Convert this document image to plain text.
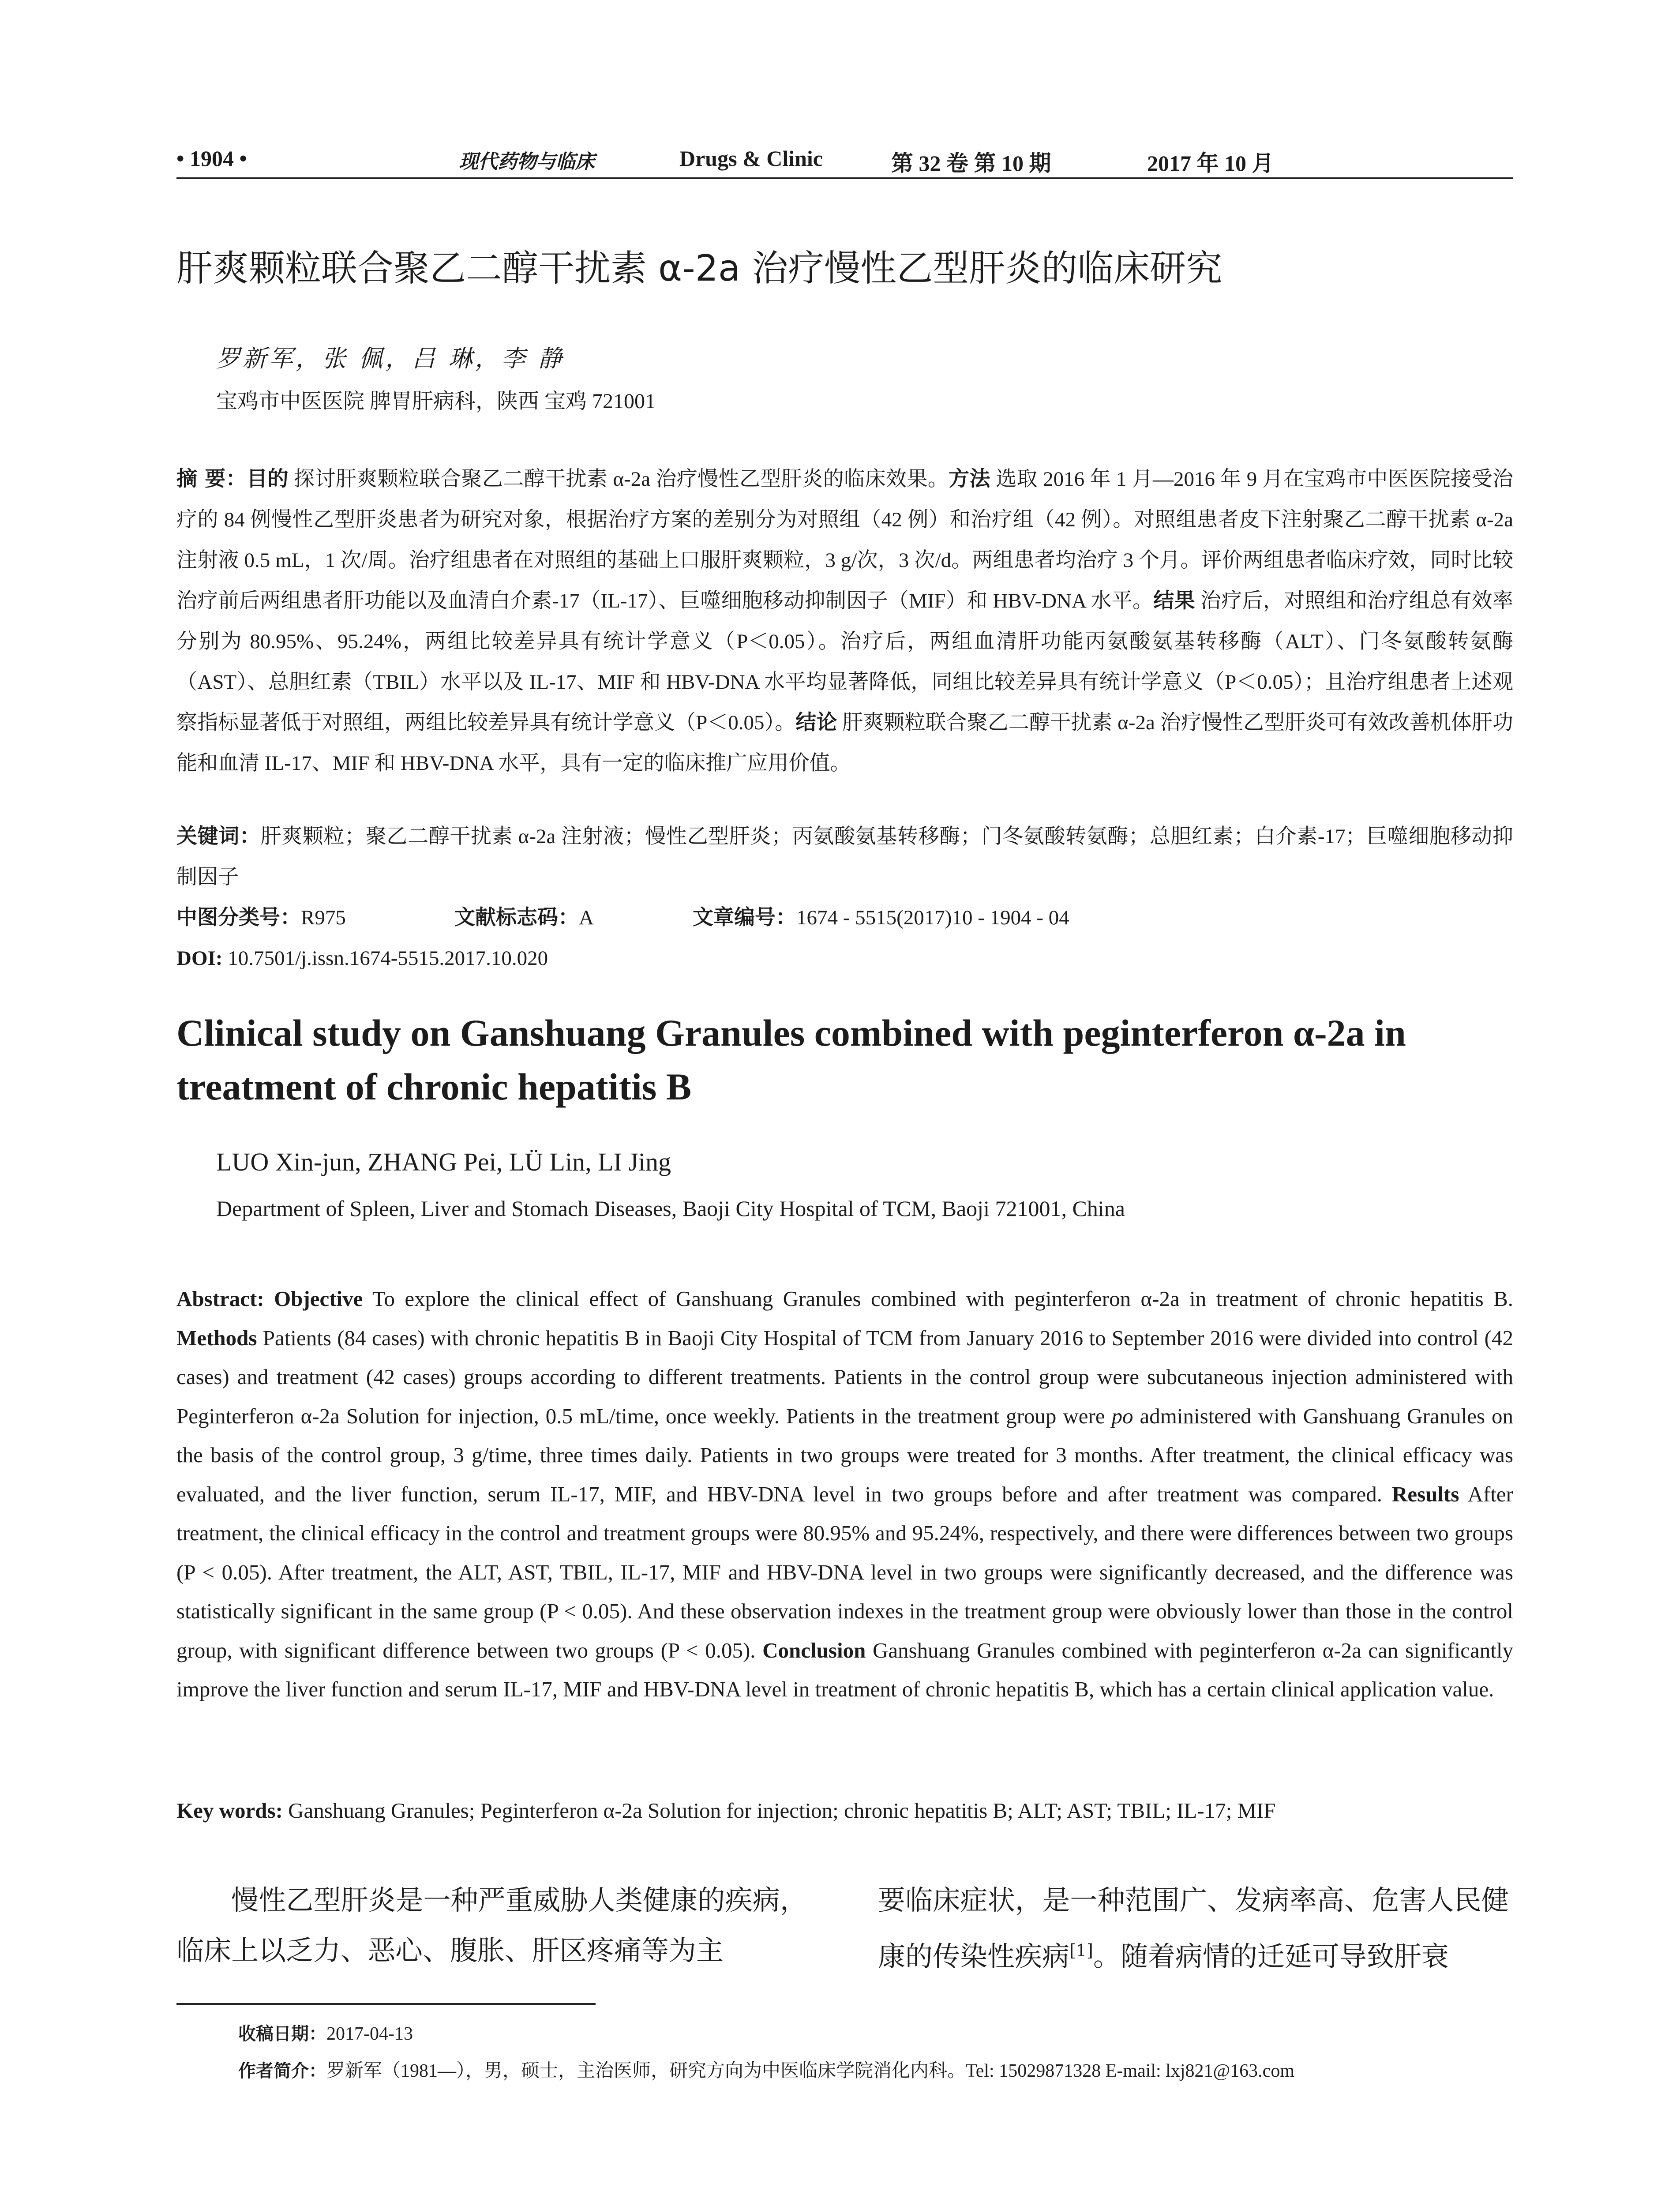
• 1904 •	现代药物与临床	Drugs & Clinic	第 32 卷 第 10 期	2017 年 10 月
肝爽颗粒联合聚乙二醇干扰素 α-2a 治疗慢性乙型肝炎的临床研究
罗新军，张 佩，吕 琳，李 静
宝鸡市中医医院 脾胃肝病科，陕西 宝鸡 721001
摘 要：目的 探讨肝爽颗粒联合聚乙二醇干扰素 α-2a 治疗慢性乙型肝炎的临床效果。方法 选取 2016 年 1 月—2016 年 9 月在宝鸡市中医医院接受治疗的 84 例慢性乙型肝炎患者为研究对象，根据治疗方案的差别分为对照组（42 例）和治疗组（42 例）。对照组患者皮下注射聚乙二醇干扰素 α-2a 注射液 0.5 mL，1 次/周。治疗组患者在对照组的基础上口服肝爽颗粒，3 g/次，3 次/d。两组患者均治疗 3 个月。评价两组患者临床疗效，同时比较治疗前后两组患者肝功能以及血清白介素-17（IL-17）、巨噬细胞移动抑制因子（MIF）和 HBV-DNA 水平。结果 治疗后，对照组和治疗组总有效率分别为 80.95%、95.24%，两组比较差异具有统计学意义（P＜0.05）。治疗后，两组血清肝功能丙氨酸氨基转移酶（ALT）、门冬氨酸转氨酶（AST）、总胆红素（TBIL）水平以及 IL-17、MIF 和 HBV-DNA 水平均显著降低，同组比较差异具有统计学意义（P＜0.05）；且治疗组患者上述观察指标显著低于对照组，两组比较差异具有统计学意义（P＜0.05）。结论 肝爽颗粒联合聚乙二醇干扰素 α-2a 治疗慢性乙型肝炎可有效改善机体肝功能和血清 IL-17、MIF 和 HBV-DNA 水平，具有一定的临床推广应用价值。
关键词：肝爽颗粒；聚乙二醇干扰素 α-2a 注射液；慢性乙型肝炎；丙氨酸氨基转移酶；门冬氨酸转氨酶；总胆红素；白介素-17；巨噬细胞移动抑制因子
中图分类号：R975	文献标志码：A	文章编号：1674 - 5515(2017)10 - 1904 - 04
DOI: 10.7501/j.issn.1674-5515.2017.10.020
Clinical study on Ganshuang Granules combined with peginterferon α-2a in treatment of chronic hepatitis B
LUO Xin-jun, ZHANG Pei, LÜ Lin, LI Jing
Department of Spleen, Liver and Stomach Diseases, Baoji City Hospital of TCM, Baoji 721001, China
Abstract: Objective To explore the clinical effect of Ganshuang Granules combined with peginterferon α-2a in treatment of chronic hepatitis B. Methods Patients (84 cases) with chronic hepatitis B in Baoji City Hospital of TCM from January 2016 to September 2016 were divided into control (42 cases) and treatment (42 cases) groups according to different treatments. Patients in the control group were subcutaneous injection administered with Peginterferon α-2a Solution for injection, 0.5 mL/time, once weekly. Patients in the treatment group were po administered with Ganshuang Granules on the basis of the control group, 3 g/time, three times daily. Patients in two groups were treated for 3 months. After treatment, the clinical efficacy was evaluated, and the liver function, serum IL-17, MIF, and HBV-DNA level in two groups before and after treatment was compared. Results After treatment, the clinical efficacy in the control and treatment groups were 80.95% and 95.24%, respectively, and there were differences between two groups (P < 0.05). After treatment, the ALT, AST, TBIL, IL-17, MIF and HBV-DNA level in two groups were significantly decreased, and the difference was statistically significant in the same group (P < 0.05). And these observation indexes in the treatment group were obviously lower than those in the control group, with significant difference between two groups (P < 0.05). Conclusion Ganshuang Granules combined with peginterferon α-2a can significantly improve the liver function and serum IL-17, MIF and HBV-DNA level in treatment of chronic hepatitis B, which has a certain clinical application value.
Key words: Ganshuang Granules; Peginterferon α-2a Solution for injection; chronic hepatitis B; ALT; AST; TBIL; IL-17; MIF
慢性乙型肝炎是一种严重威胁人类健康的疾病，临床上以乏力、恶心、腹胀、肝区疼痛等为主
要临床症状，是一种范围广、发病率高、危害人民健康的传染性疾病[1]。随着病情的迁延可导致肝衰
收稿日期：2017-04-13
作者简介：罗新军（1981—），男，硕士，主治医师，研究方向为中医临床学院消化内科。Tel: 15029871328 E-mail: lxj821@163.com
